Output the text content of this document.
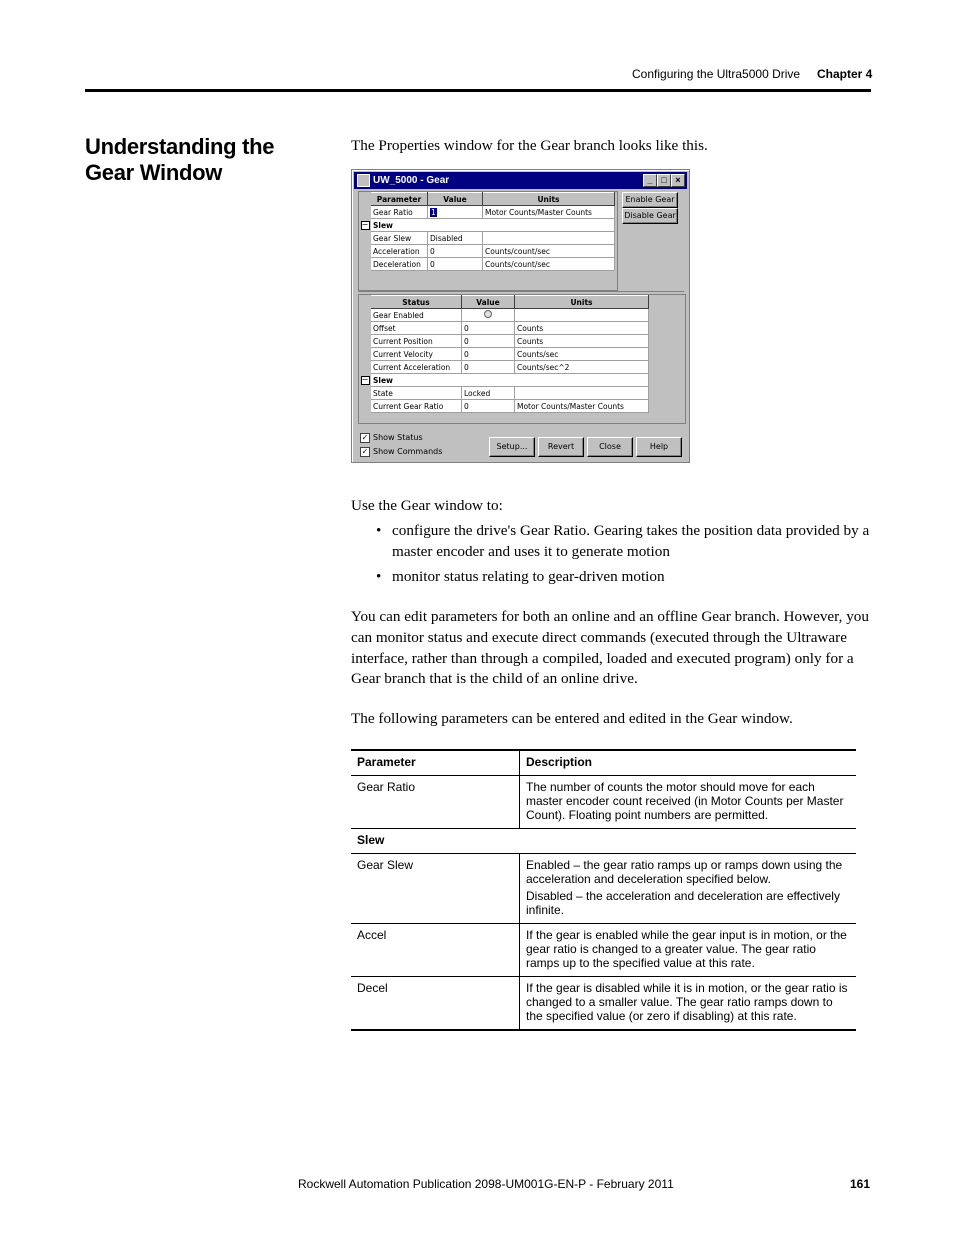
Configuring the Ultra5000 Drive Chapter 4
Understanding the Gear Window
The Properties window for the Gear branch looks like this.
UW_5000 - Gear	_ □ ×
	Parameter	Value	Units
	Gear Ratio	1	Motor Counts/Master Counts
−	Slew		
	Gear Slew	Disabled	
	Acceleration	0	Counts/count/sec
	Deceleration	0	Counts/count/sec
Enable Gear
Disable Gear
	Status	Value	Units
	Gear Enabled		
	Offset	0	Counts
	Current Position	0	Counts
	Current Velocity	0	Counts/sec
	Current Acceleration	0	Counts/sec^2
−	Slew		
	State	Locked	
	Current Gear Ratio	0	Motor Counts/Master Counts
✓ Show Status
✓ Show Commands
Setup...	Revert	Close	Help
Use the Gear window to:
• configure the drive's Gear Ratio. Gearing takes the position data provided by a master encoder and uses it to generate motion
• monitor status relating to gear-driven motion
You can edit parameters for both an online and an offline Gear branch. However, you can monitor status and execute direct commands (executed through the Ultraware interface, rather than through a compiled, loaded and executed program) only for a Gear branch that is the child of an online drive.
The following parameters can be entered and edited in the Gear window.
Parameter	Description
Gear Ratio	The number of counts the motor should move for each master encoder count received (in Motor Counts per Master Count). Floating point numbers are permitted.
Slew	
Gear Slew	Enabled – the gear ratio ramps up or ramps down using the acceleration and deceleration specified below.

Disabled – the acceleration and deceleration are effectively infinite.

Accel	If the gear is enabled while the gear input is in motion, or the gear ratio is changed to a greater value. The gear ratio ramps up to the specified value at this rate.
Decel	If the gear is disabled while it is in motion, or the gear ratio is changed to a smaller value. The gear ratio ramps down to the specified value (or zero if disabling) at this rate.
Rockwell Automation Publication 2098-UM001G-EN-P - February 2011	161
